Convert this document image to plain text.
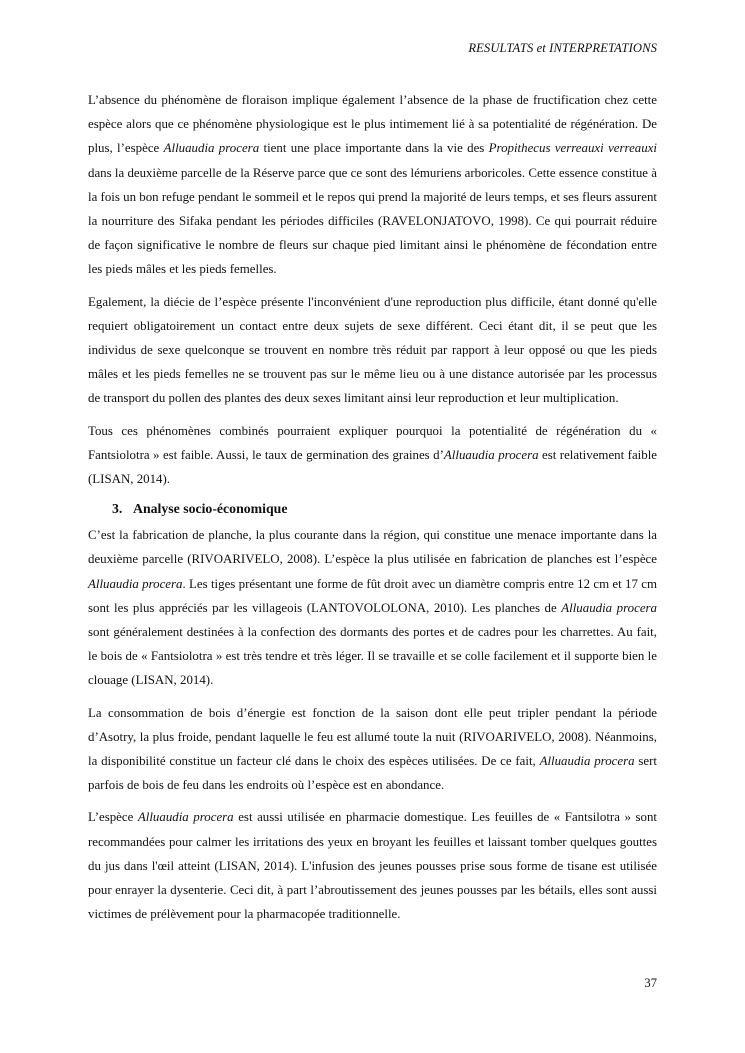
RESULTATS et INTERPRETATIONS

L’absence du phénomène de floraison implique également l’absence de la phase de fructification chez cette espèce alors que ce phénomène physiologique est le plus intimement lié à sa potentialité de régénération. De plus, l’espèce Alluaudia procera tient une place importante dans la vie des Propithecus verreauxi verreauxi dans la deuxième parcelle de la Réserve parce que ce sont des lémuriens arboricoles. Cette essence constitue à la fois un bon refuge pendant le sommeil et le repos qui prend la majorité de leurs temps, et ses fleurs assurent la nourriture des Sifaka pendant les périodes difficiles (RAVELONJATOVO, 1998). Ce qui pourrait réduire de façon significative le nombre de fleurs sur chaque pied limitant ainsi le phénomène de fécondation entre les pieds mâles et les pieds femelles.

Egalement, la diécie de l’espèce présente l'inconvénient d'une reproduction plus difficile, étant donné qu'elle requiert obligatoirement un contact entre deux sujets de sexe différent. Ceci étant dit, il se peut que les individus de sexe quelconque se trouvent en nombre très réduit par rapport à leur opposé ou que les pieds mâles et les pieds femelles ne se trouvent pas sur le même lieu ou à une distance autorisée par les processus de transport du pollen des plantes des deux sexes limitant ainsi leur reproduction et leur multiplication.

Tous ces phénomènes combinés pourraient expliquer pourquoi la potentialité de régénération du « Fantsiolotra » est faible. Aussi, le taux de germination des graines d’Alluaudia procera est relativement faible (LISAN, 2014).

3. Analyse socio-économique

C’est la fabrication de planche, la plus courante dans la région, qui constitue une menace importante dans la deuxième parcelle (RIVOARIVELO, 2008). L’espèce la plus utilisée en fabrication de planches est l’espèce Alluaudia procera. Les tiges présentant une forme de fût droit avec un diamètre compris entre 12 cm et 17 cm sont les plus appréciés par les villageois (LANTOVOLOLONA, 2010). Les planches de Alluaudia procera sont généralement destinées à la confection des dormants des portes et de cadres pour les charrettes. Au fait, le bois de « Fantsiolotra » est très tendre et très léger. Il se travaille et se colle facilement et il supporte bien le clouage (LISAN, 2014).

La consommation de bois d’énergie est fonction de la saison dont elle peut tripler pendant la période d’Asotry, la plus froide, pendant laquelle le feu est allumé toute la nuit (RIVOARIVELO, 2008). Néanmoins, la disponibilité constitue un facteur clé dans le choix des espèces utilisées. De ce fait, Alluaudia procera sert parfois de bois de feu dans les endroits où l’espèce est en abondance.

L’espèce Alluaudia procera est aussi utilisée en pharmacie domestique. Les feuilles de « Fantsilotra » sont recommandées pour calmer les irritations des yeux en broyant les feuilles et laissant tomber quelques gouttes du jus dans l'œil atteint (LISAN, 2014). L'infusion des jeunes pousses prise sous forme de tisane est utilisée pour enrayer la dysenterie. Ceci dit, à part l’abroutissement des jeunes pousses par les bétails, elles sont aussi victimes de prélèvement pour la pharmacopée traditionnelle.

37
